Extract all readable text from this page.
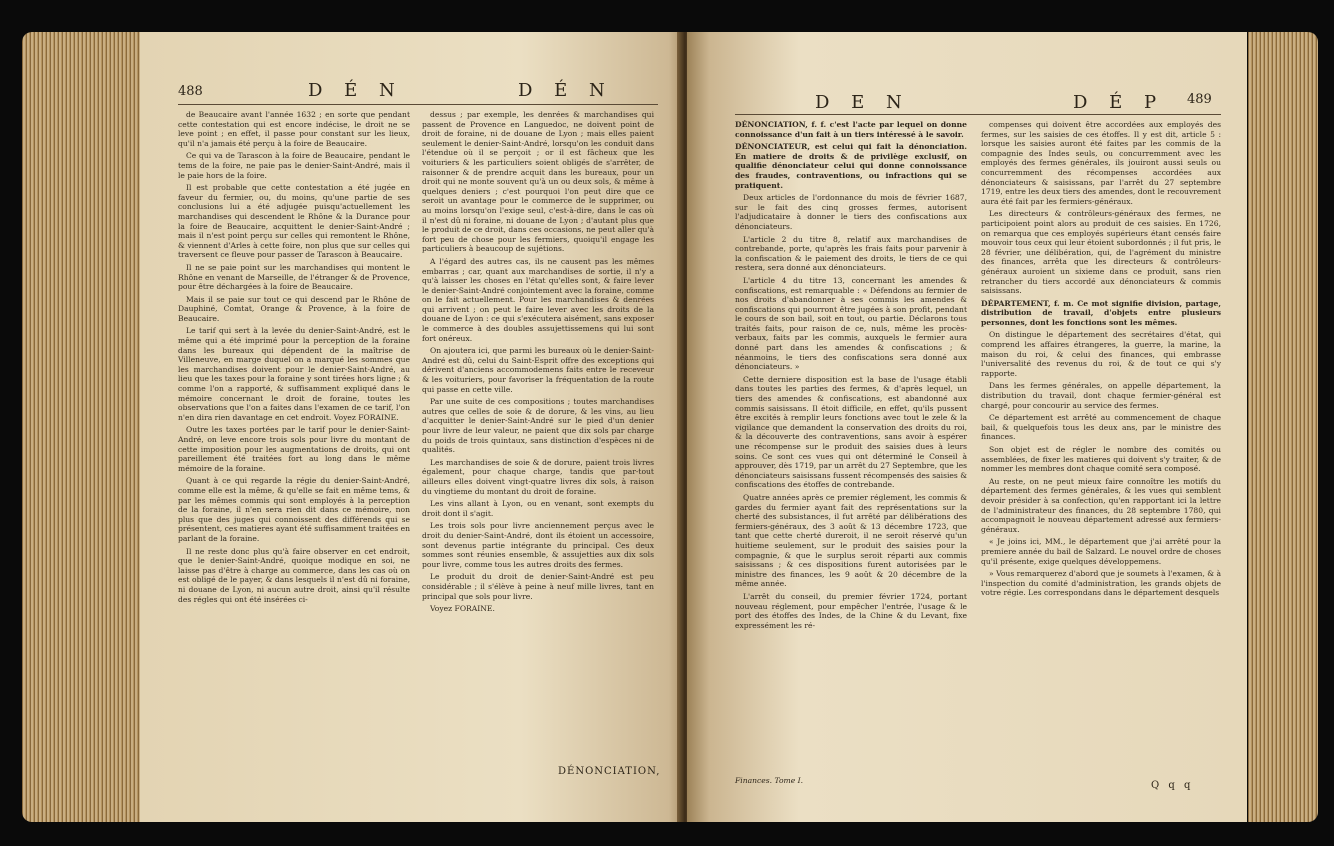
488	D É N	D É N

de Beaucaire avant l'année 1632 ; en sorte que pendant cette contestation qui est encore indécise, le droit ne se leve point ; en effet, il passe pour constant sur les lieux, qu'il n'a jamais été perçu à la foire de Beaucaire.

Ce qui va de Tarascon à la foire de Beaucaire, pendant le tems de la foire, ne paie pas le denier-Saint-André, mais il le paie hors de la foire.

Il est probable que cette contestation a été jugée en faveur du fermier, ou, du moins, qu'une partie de ses conclusions lui a été adjugée puisqu'actuellement les marchandises qui descendent le Rhône & la Durance pour la foire de Beaucaire, acquittent le denier-Saint-André ; mais il n'est point perçu sur celles qui remontent le Rhône, & viennent d'Arles à cette foire, non plus que sur celles qui traversent ce fleuve pour passer de Tarascon à Beaucaire.

Il ne se paie point sur les marchandises qui montent le Rhône en venant de Marseille, de l'étranger & de Provence, pour être déchargées à la foire de Beaucaire.

Mais il se paie sur tout ce qui descend par le Rhône de Dauphiné, Comtat, Orange & Provence, à la foire de Beaucaire.

Le tarif qui sert à la levée du denier-Saint-André, est le même qui a été imprimé pour la perception de la foraine dans les bureaux qui dépendent de la maîtrise de Villeneuve, en marge duquel on a marqué les sommes que les marchandises doivent pour le denier-Saint-André, au lieu que les taxes pour la foraine y sont tirées hors ligne ; & comme l'on a rapporté, & suffisamment expliqué dans le mémoire concernant le droit de foraine, toutes les observations que l'on a faites dans l'examen de ce tarif, l'on n'en dira rien davantage en cet endroit. Voyez FORAINE.

Outre les taxes portées par le tarif pour le denier-Saint-André, on leve encore trois sols pour livre du montant de cette imposition pour les augmentations de droits, qui ont pareillement été traitées fort au long dans le même mémoire de la foraine.

Quant à ce qui regarde la régie du denier-Saint-André, comme elle est la même, & qu'elle se fait en même tems, & par les mêmes commis qui sont employés à la perception de la foraine, il n'en sera rien dit dans ce mémoire, non plus que des juges qui connoissent des différends qui se présentent, ces matieres ayant été suffisamment traitées en parlant de la foraine.

Il ne reste donc plus qu'à faire observer en cet endroit, que le denier-Saint-André, quoique modique en soi, ne laisse pas d'être à charge au commerce, dans les cas où on est obligé de le payer, & dans lesquels il n'est dû ni foraine, ni douane de Lyon, ni aucun autre droit, ainsi qu'il résulte des régles qui ont été insérées ci-

dessus ; par exemple, les denrées & marchandises qui passent de Provence en Languedoc, ne doivent point de droit de foraine, ni de douane de Lyon ; mais elles paient seulement le denier-Saint-André, lorsqu'on les conduit dans l'étendue où il se perçoit ; or il est fâcheux que les voituriers & les particuliers soient obligés de s'arrêter, de raisonner & de prendre acquit dans les bureaux, pour un droit qui ne monte souvent qu'à un ou deux sols, & même à quelques deniers ; c'est pourquoi l'on peut dire que ce seroit un avantage pour le commerce de le supprimer, ou au moins lorsqu'on l'exige seul, c'est-à-dire, dans le cas où il n'est dû ni foraine, ni douane de Lyon ; d'autant plus que le produit de ce droit, dans ces occasions, ne peut aller qu'à fort peu de chose pour les fermiers, quoiqu'il engage les particuliers à beaucoup de sujétions.

A l'égard des autres cas, ils ne causent pas les mêmes embarras ; car, quant aux marchandises de sortie, il n'y a qu'à laisser les choses en l'état qu'elles sont, & faire lever le denier-Saint-André conjointement avec la foraine, comme on le fait actuellement. Pour les marchandises & denrées qui arrivent ; on peut le faire lever avec les droits de la douane de Lyon : ce qui s'exécutera aisément, sans exposer le commerce à des doubles assujettissemens qui lui sont fort onéreux.

On ajoutera ici, que parmi les bureaux où le denier-Saint-André est dû, celui du Saint-Esprit offre des exceptions qui dérivent d'anciens accommodemens faits entre le receveur & les voituriers, pour favoriser la fréquentation de la route qui passe en cette ville.

Par une suite de ces compositions ; toutes marchandises autres que celles de soie & de dorure, & les vins, au lieu d'acquitter le denier-Saint-André sur le pied d'un denier pour livre de leur valeur, ne paient que dix sols par charge du poids de trois quintaux, sans distinction d'espèces ni de qualités.

Les marchandises de soie & de dorure, paient trois livres également, pour chaque charge, tandis que par-tout ailleurs elles doivent vingt-quatre livres dix sols, à raison du vingtieme du montant du droit de foraine.

Les vins allant à Lyon, ou en venant, sont exempts du droit dont il s'agit.

Les trois sols pour livre anciennement perçus avec le droit du denier-Saint-André, dont ils étoient un accessoire, sont devenus partie intégrante du principal. Ces deux sommes sont réunies ensemble, & assujetties aux dix sols pour livre, comme tous les autres droits des fermes.

Le produit du droit de denier-Saint-André est peu considérable ; il s'élève à peine à neuf mille livres, tant en principal que sols pour livre.

Voyez FORAINE.

DÉNONCIATION,
D E N	D É P 489

DÉNONCIATION, f. f. c'est l'acte par lequel on donne connoissance d'un fait à un tiers intéressé à le savoir.

DÉNONCIATEUR, est celui qui fait la dénonciation. En matiere de droits & de privilège exclusif, on qualifie dénonciateur celui qui donne connoissance des fraudes, contraventions, ou infractions qui se pratiquent.

Deux articles de l'ordonnance du mois de février 1687, sur le fait des cinq grosses fermes, autorisent l'adjudicataire à donner le tiers des confiscations aux dénonciateurs.

L'article 2 du titre 8, relatif aux marchandises de contrebande, porte, qu'après les frais faits pour parvenir à la confiscation & le paiement des droits, le tiers de ce qui restera, sera donné aux dénonciateurs.

L'article 4 du titre 13, concernant les amendes & confiscations, est remarquable : « Défendons au fermier de nos droits d'abandonner à ses commis les amendes & confiscations qui pourront être jugées à son profit, pendant le cours de son bail, soit en tout, ou partie. Déclarons tous traités faits, pour raison de ce, nuls, même les procès-verbaux, faits par les commis, auxquels le fermier aura donné part dans les amendes & confiscations ; & néanmoins, le tiers des confiscations sera donné aux dénonciateurs. »

Cette derniere disposition est la base de l'usage établi dans toutes les parties des fermes, & d'après lequel, un tiers des amendes & confiscations, est abandonné aux commis saisissans. Il étoit difficile, en effet, qu'ils pussent être excités à remplir leurs fonctions avec tout le zele & la vigilance que demandent la conservation des droits du roi, & la découverte des contraventions, sans avoir à espérer une récompense sur le produit des saisies dues à leurs soins. Ce sont ces vues qui ont déterminé le Conseil à approuver, dès 1719, par un arrêt du 27 Septembre, que les dénonciateurs saisissans fussent récompensés des saisies & confiscations des étoffes de contrebande.

Quatre années après ce premier réglement, les commis & gardes du fermier ayant fait des représentations sur la cherté des subsistances, il fut arrêté par délibérations des fermiers-généraux, des 3 août & 13 décembre 1723, que tant que cette cherté dureroit, il ne seroit réservé qu'un huitieme seulement, sur le produit des saisies pour la compagnie, & que le surplus seroit réparti aux commis saisissans ; & ces dispositions furent autorisées par le ministre des finances, les 9 août & 20 décembre de la même année.

L'arrêt du conseil, du premier février 1724, portant nouveau réglement, pour empêcher l'entrée, l'usage & le port des étoffes des Indes, de la Chine & du Levant, fixe expressément les ré-

Finances. Tome I.

compenses qui doivent être accordées aux employés des fermes, sur les saisies de ces étoffes. Il y est dit, article 5 : lorsque les saisies auront été faites par les commis de la compagnie des Indes seuls, ou concurremment avec les employés des fermes générales, ils jouiront aussi seuls ou concurremment des récompenses accordées aux dénonciateurs & saisissans, par l'arrêt du 27 septembre 1719, entre les deux tiers des amendes, dont le recouvrement aura été fait par les fermiers-généraux.

Les directeurs & contrôleurs-généraux des fermes, ne participoient point alors au produit de ces saisies. En 1726, on remarqua que ces employés supérieurs étant censés faire mouvoir tous ceux qui leur étoient subordonnés ; il fut pris, le 28 février, une délibération, qui, de l'agrément du ministre des finances, arrêta que les directeurs & contrôleurs-généraux auroient un sixieme dans ce produit, sans rien retrancher du tiers accordé aux dénonciateurs & commis saisissans.

DÉPARTEMENT, f. m. Ce mot signifie division, partage, distribution de travail, d'objets entre plusieurs personnes, dont les fonctions sont les mêmes.

On distingue le département des secrétaires d'état, qui comprend les affaires étrangeres, la guerre, la marine, la maison du roi, & celui des finances, qui embrasse l'universalité des revenus du roi, & de tout ce qui s'y rapporte.

Dans les fermes générales, on appelle département, la distribution du travail, dont chaque fermier-général est chargé, pour concourir au service des fermes.

Ce département est arrêté au commencement de chaque bail, & quelquefois tous les deux ans, par le ministre des finances.

Son objet est de régler le nombre des comités ou assemblées, de fixer les matieres qui doivent s'y traiter, & de nommer les membres dont chaque comité sera composé.

Au reste, on ne peut mieux faire connoître les motifs du département des fermes générales, & les vues qui semblent devoir présider à sa confection, qu'en rapportant ici la lettre de l'administrateur des finances, du 28 septembre 1780, qui accompagnoit le nouveau département adressé aux fermiers-généraux.

« Je joins ici, MM., le département que j'ai arrêté pour la premiere année du bail de Salzard. Le nouvel ordre de choses qu'il présente, exige quelques développemens.

» Vous remarquerez d'abord que je soumets à l'examen, & à l'inspection du comité d'administration, les grands objets de votre régie. Les correspondans dans le département desquels

Q q q
